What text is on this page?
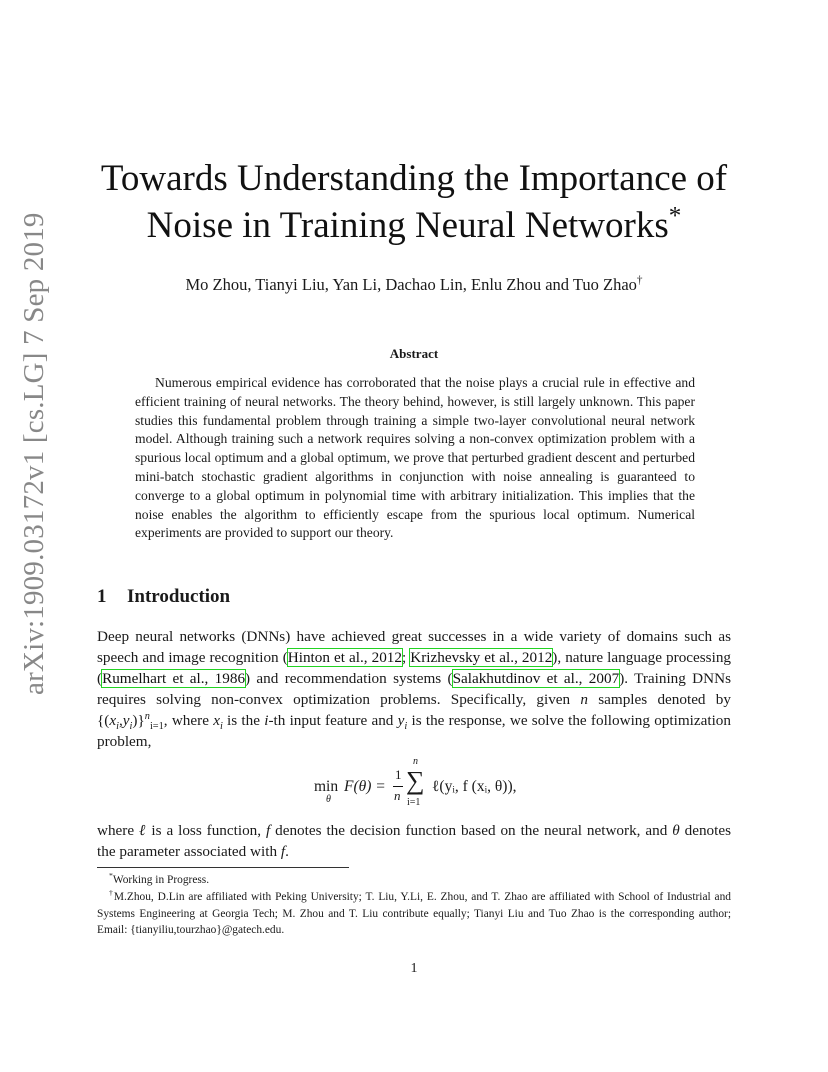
arXiv:1909.03172v1 [cs.LG] 7 Sep 2019
Towards Understanding the Importance of
Noise in Training Neural Networks*
Mo Zhou, Tianyi Liu, Yan Li, Dachao Lin, Enlu Zhou and Tuo Zhao†
Abstract

Numerous empirical evidence has corroborated that the noise plays a crucial rule in effective and efficient training of neural networks. The theory behind, however, is still largely unknown. This paper studies this fundamental problem through training a simple two-layer convolutional neural network model. Although training such a network requires solving a non-convex optimization problem with a spurious local optimum and a global optimum, we prove that perturbed gradient descent and perturbed mini-batch stochastic gradient algorithms in conjunction with noise annealing is guaranteed to converge to a global optimum in polynomial time with arbitrary initialization. This implies that the noise enables the algorithm to efficiently escape from the spurious local optimum. Numerical experiments are provided to support our theory.

1 Introduction

Deep neural networks (DNNs) have achieved great successes in a wide variety of domains such as speech and image recognition (Hinton et al., 2012; Krizhevsky et al., 2012), nature language processing (Rumelhart et al., 1986) and recommendation systems (Salakhutdinov et al., 2007). Training DNNs requires solving non-convex optimization problems. Specifically, given n samples denoted by $\{(x_i,y_i)\}^n_{i=1}$, where $x_i$ is the i-th input feature and $y_i$ is the response, we solve the following optimization problem,

min
θ
F(θ) =
1
n
n
∑
i=1
ℓ(yᵢ, f (xᵢ, θ)),

where ℓ is a loss function, f denotes the decision function based on the neural network, and θ denotes the parameter associated with f.

*Working in Progress.

†M.Zhou, D.Lin are affiliated with Peking University; T. Liu, Y.Li, E. Zhou, and T. Zhao are affiliated with School of Industrial and Systems Engineering at Georgia Tech; M. Zhou and T. Liu contribute equally; Tianyi Liu and Tuo Zhao is the corresponding author; Email: {tianyiliu,tourzhao}@gatech.edu.

1
